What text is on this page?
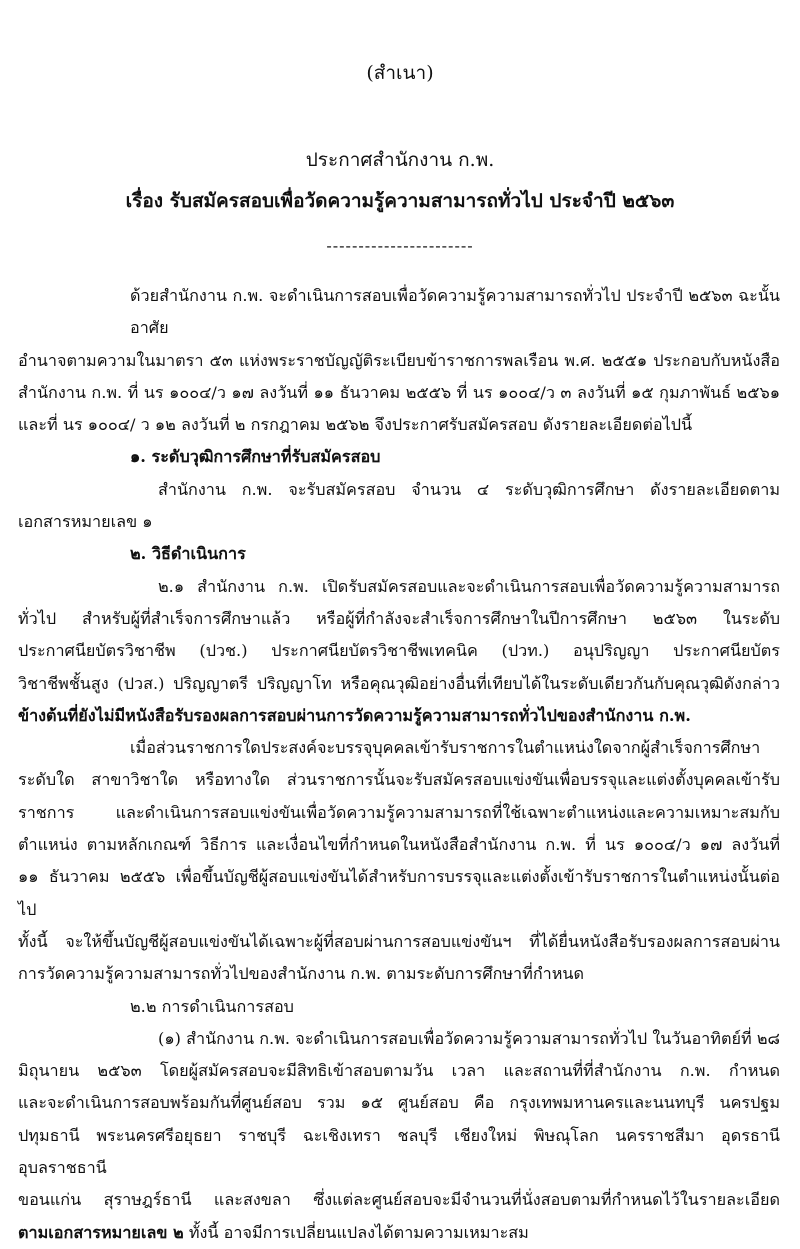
(สำเนา)
ประกาศสำนักงาน ก.พ.
เรื่อง รับสมัครสอบเพื่อวัดความรู้ความสามารถทั่วไป ประจำปี ๒๕๖๓
-----------------------

ด้วยสำนักงาน ก.พ. จะดำเนินการสอบเพื่อวัดความรู้ความสามารถทั่วไป ประจำปี ๒๕๖๓ ฉะนั้น อาศัย

อำนาจตามความในมาตรา ๕๓ แห่งพระราชบัญญัติระเบียบข้าราชการพลเรือน พ.ศ. ๒๕๕๑ ประกอบกับหนังสือ

สำนักงาน ก.พ. ที่ นร ๑๐๐๔/ว ๑๗ ลงวันที่ ๑๑ ธันวาคม ๒๕๕๖ ที่ นร ๑๐๐๔/ว ๓ ลงวันที่ ๑๕ กุมภาพันธ์ ๒๕๖๑

และที่ นร ๑๐๐๔/ ว ๑๒ ลงวันที่ ๒ กรกฎาคม ๒๕๖๒ จึงประกาศรับสมัครสอบ ดังรายละเอียดต่อไปนี้

๑. ระดับวุฒิการศึกษาที่รับสมัครสอบ

สำนักงาน ก.พ. จะรับสมัครสอบ จำนวน ๔ ระดับวุฒิการศึกษา ดังรายละเอียดตาม

เอกสารหมายเลข ๑

๒. วิธีดำเนินการ

๒.๑ สำนักงาน ก.พ. เปิดรับสมัครสอบและจะดำเนินการสอบเพื่อวัดความรู้ความสามารถ

ทั่วไป สำหรับผู้ที่สำเร็จการศึกษาแล้ว หรือผู้ที่กำลังจะสำเร็จการศึกษาในปีการศึกษา ๒๕๖๓ ในระดับ

ประกาศนียบัตรวิชาชีพ (ปวช.) ประกาศนียบัตรวิชาชีพเทคนิค (ปวท.) อนุปริญญา ประกาศนียบัตร

วิชาชีพชั้นสูง (ปวส.) ปริญญาตรี ปริญญาโท หรือคุณวุฒิอย่างอื่นที่เทียบได้ในระดับเดียวกันกับคุณวุฒิดังกล่าว

ข้างต้นที่ยังไม่มีหนังสือรับรองผลการสอบผ่านการวัดความรู้ความสามารถทั่วไปของสำนักงาน ก.พ.

เมื่อส่วนราชการใดประสงค์จะบรรจุบุคคลเข้ารับราชการในตำแหน่งใดจากผู้สำเร็จการศึกษา

ระดับใด สาขาวิชาใด หรือทางใด ส่วนราชการนั้นจะรับสมัครสอบแข่งขันเพื่อบรรจุและแต่งตั้งบุคคลเข้ารับ

ราชการ และดำเนินการสอบแข่งขันเพื่อวัดความรู้ความสามารถที่ใช้เฉพาะตำแหน่งและความเหมาะสมกับ

ตำแหน่ง ตามหลักเกณฑ์ วิธีการ และเงื่อนไขที่กำหนดในหนังสือสำนักงาน ก.พ. ที่ นร ๑๐๐๔/ว ๑๗ ลงวันที่

๑๑ ธันวาคม ๒๕๕๖ เพื่อขึ้นบัญชีผู้สอบแข่งขันได้สำหรับการบรรจุและแต่งตั้งเข้ารับราชการในตำแหน่งนั้นต่อไป

ทั้งนี้ จะให้ขึ้นบัญชีผู้สอบแข่งขันได้เฉพาะผู้ที่สอบผ่านการสอบแข่งขันฯ ที่ได้ยื่นหนังสือรับรองผลการสอบผ่าน

การวัดความรู้ความสามารถทั่วไปของสำนักงาน ก.พ. ตามระดับการศึกษาที่กำหนด

๒.๒ การดำเนินการสอบ

(๑) สำนักงาน ก.พ. จะดำเนินการสอบเพื่อวัดความรู้ความสามารถทั่วไป ในวันอาทิตย์ที่ ๒๘

มิถุนายน ๒๕๖๓ โดยผู้สมัครสอบจะมีสิทธิเข้าสอบตามวัน เวลา และสถานที่ที่สำนักงาน ก.พ. กำหนด

และจะดำเนินการสอบพร้อมกันที่ศูนย์สอบ รวม ๑๕ ศูนย์สอบ คือ กรุงเทพมหานครและนนทบุรี นครปฐม

ปทุมธานี พระนครศรีอยุธยา ราชบุรี ฉะเชิงเทรา ชลบุรี เชียงใหม่ พิษณุโลก นครราชสีมา อุดรธานี อุบลราชธานี

ขอนแก่น สุราษฎร์ธานี และสงขลา ซึ่งแต่ละศูนย์สอบจะมีจำนวนที่นั่งสอบตามที่กำหนดไว้ในรายละเอียด

ตามเอกสารหมายเลข ๒ ทั้งนี้ อาจมีการเปลี่ยนแปลงได้ตามความเหมาะสม
